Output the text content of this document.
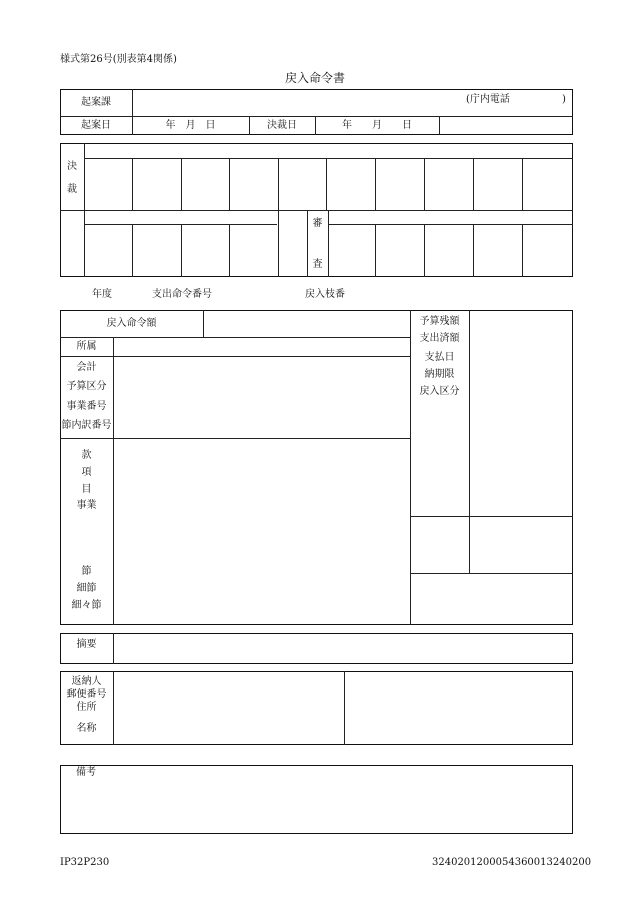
様式第26号(別表第4関係)
戻入命令書
起案課	(庁内電話	)
起案日	年　月　日	決裁日	年　　月　　日
決
裁
審
査
年度	支出命令番号	戻入枝番
戻入命令額
所属
会計
予算区分
事業番号
節内訳番号
款
項
目
事業
節
細節
細々節
予算残額
支出済額
支払日
納期限
戻入区分
摘要
返納人
郵便番号
住所
名称
備考
IP32P230	3240201200054360013240200
